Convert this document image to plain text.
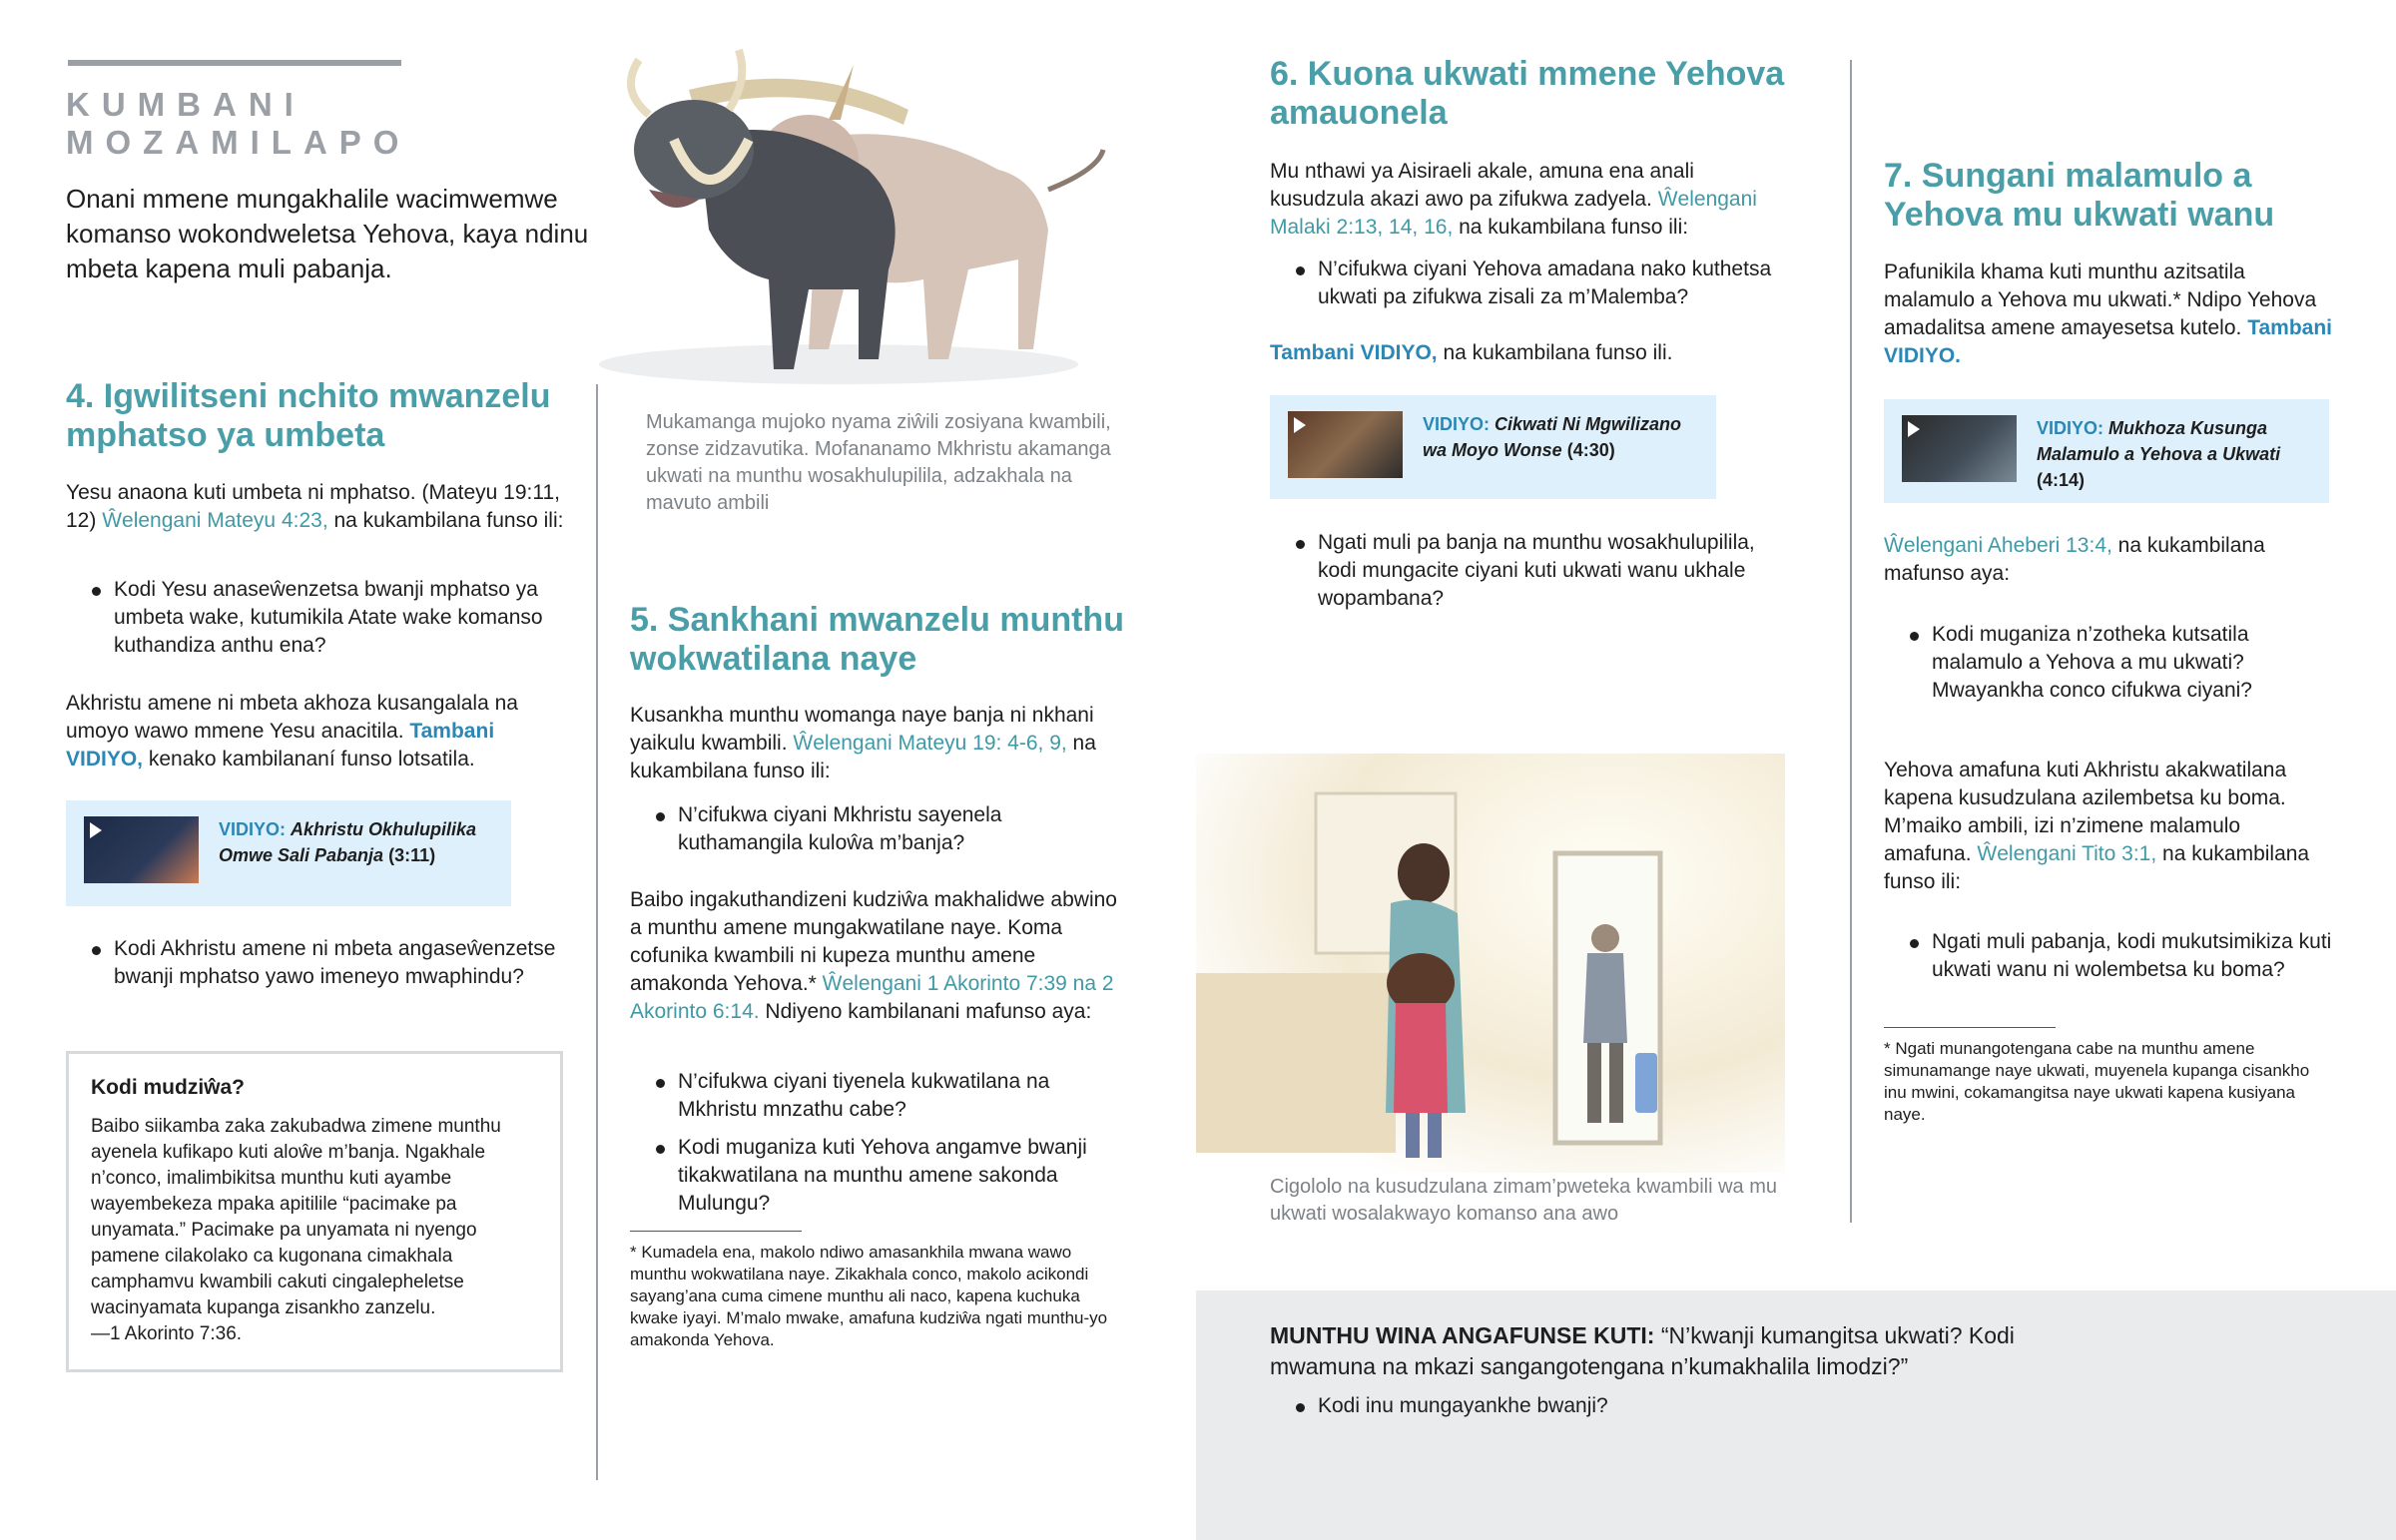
KUMBANI
MOZAMILAPO

Onani mmene mungakhalile wacimwemwe komanso wokondweletsa Yehova, kaya ndinu mbeta kapena muli pabanja.

4. Igwilitseni nchito mwanzelu mphatso ya umbeta

Yesu anaona kuti umbeta ni mphatso. (Mateyu 19:11, 12) Ŵelengani Mateyu 4:23, na kukambilana funso ili:

Kodi Yesu anaseŵenzetsa bwanji mphatso ya umbeta wake, kutumikila Atate wake komanso kuthandiza anthu ena?

Akhristu amene ni mbeta akhoza kusangalala na umoyo wawo mmene Yesu anacitila. Tambani VIDIYO, kenako kambilananí funso lotsatila.

VIDIYO: Akhristu Okhulupilika Omwe Sali Pabanja (3:11)
Kodi Akhristu amene ni mbeta angaseŵenzetse bwanji mphatso yawo imeneyo mwaphindu?
Kodi mudziŵa?
Baibo siikamba zaka zakubadwa zimene munthu ayenela kufikapo kuti aloŵe m’banja. Ngakhale n’conco, imalimbikitsa munthu kuti ayambe wayembekeza mpaka apitilile “pacimake pa unyamata.” Pacimake pa unyamata ni nyengo pamene cilakolako ca kugonana cimakhala camphamvu kwambili cakuti cingalepheletse wacinyamata kupanga zisankho zanzelu.
—1 Akorinto 7:36.

Mukamanga mujoko nyama ziŵili zosiyana kwambili, zonse zidzavutika. Mofananamo Mkhristu akamanga ukwati na munthu wosakhulupilila, adzakhala na mavuto ambili

5. Sankhani mwanzelu munthu wokwatilana naye

Kusankha munthu womanga naye banja ni nkhani yaikulu kwambili. Ŵelengani Mateyu 19: 4-6, 9, na kukambilana funso ili:

N’cifukwa ciyani Mkhristu sayenela kuthamangila kuloŵa m’banja?

Baibo ingakuthandizeni kudziŵa makhalidwe abwino a munthu amene mungakwatilane naye. Koma cofunika kwambili ni kupeza munthu amene amakonda Yehova.* Ŵelengani 1 Akorinto 7:39 na 2 Akorinto 6:14. Ndiyeno kambilanani mafunso aya:

N’cifukwa ciyani tiyenela kukwatilana na Mkhristu mnzathu cabe?
Kodi muganiza kuti Yehova angamve bwanji tikakwatilana na munthu amene sakonda Mulungu?

* Kumadela ena, makolo ndiwo amasankhila mwana wawo munthu wokwatilana naye. Zikakhala conco, makolo acikondi sayang’ana cuma cimene munthu ali naco, kapena kuchuka kwake iyayi. M’malo mwake, amafuna kudziŵa ngati munthu-yo amakonda Yehova.

6. Kuona ukwati mmene Yehova amauonela

Mu nthawi ya Aisiraeli akale, amuna ena anali kusudzula akazi awo pa zifukwa zadyela. Ŵelengani Malaki 2:13, 14, 16, na kukambilana funso ili:

N’cifukwa ciyani Yehova amadana nako kuthetsa ukwati pa zifukwa zisali za m’Malemba?

Tambani VIDIYO, na kukambilana funso ili.

VIDIYO: Cikwati Ni Mgwilizano wa Moyo Wonse (4:30)
Ngati muli pa banja na munthu wosakhulupilila, kodi mungacite ciyani kuti ukwati wanu ukhale wopambana?

Cigololo na kusudzulana zimam’pweteka kwambili wa mu ukwati wosalakwayo komanso ana awo

7. Sungani malamulo a Yehova mu ukwati wanu

Pafunikila khama kuti munthu azitsatila malamulo a Yehova mu ukwati.* Ndipo Yehova amadalitsa amene amayesetsa kutelo. Tambani VIDIYO.

VIDIYO: Mukhoza Kusunga Malamulo a Yehova a Ukwati (4:14)

Ŵelengani Aheberi 13:4, na kukambilana mafunso aya:

Kodi muganiza n’zotheka kutsatila malamulo a Yehova a mu ukwati? Mwayankha conco cifukwa ciyani?

Yehova amafuna kuti Akhristu akakwatilana kapena kusudzulana azilembetsa ku boma. M’maiko ambili, izi n’zimene malamulo amafuna. Ŵelengani Tito 3:1, na kukambilana funso ili:

Ngati muli pabanja, kodi mukutsimikiza kuti ukwati wanu ni wolembetsa ku boma?

* Ngati munangotengana cabe na munthu amene simunamange naye ukwati, muyenela kupanga cisankho inu mwini, cokamangitsa naye ukwati kapena kusiyana naye.

MUNTHU WINA ANGAFUNSE KUTI: “N’kwanji kumangitsa ukwati? Kodi mwamuna na mkazi sangangotengana n’kumakhalila limodzi?”

Kodi inu mungayankhe bwanji?
